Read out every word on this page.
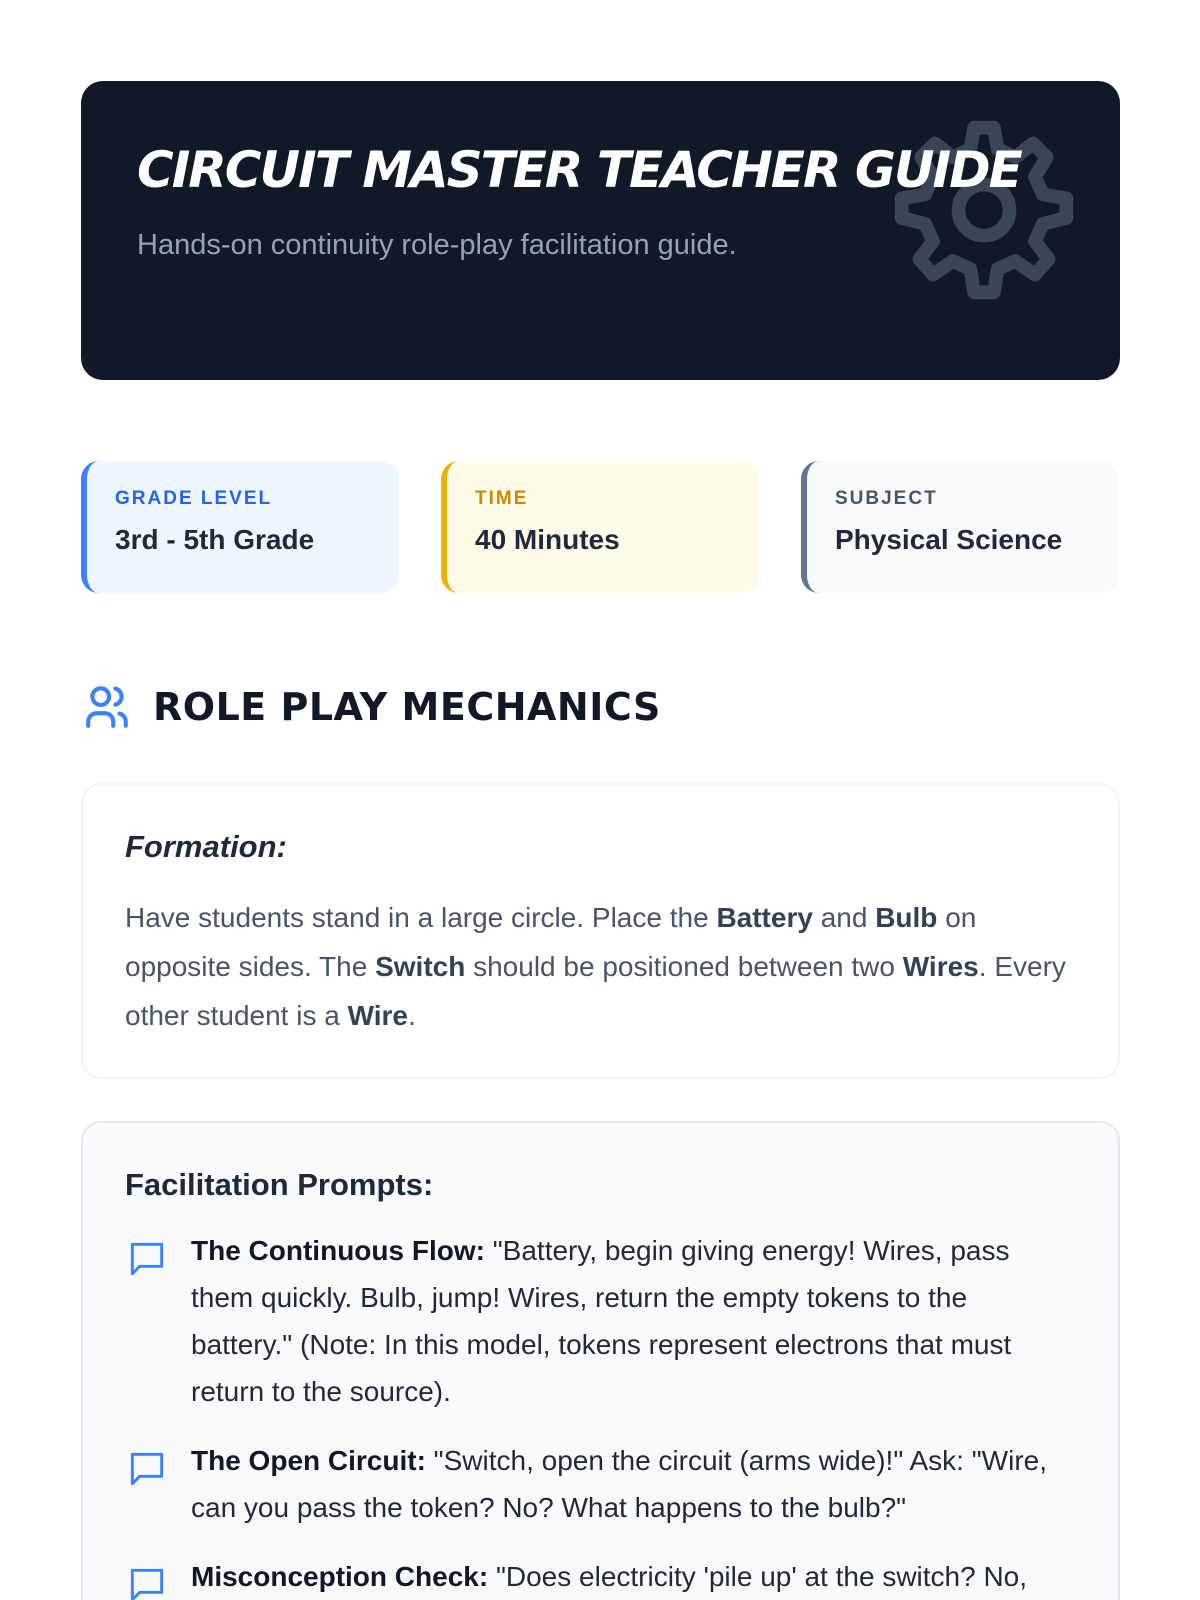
CIRCUIT MASTER TEACHER GUIDE

Hands-on continuity role-play facilitation guide.

GRADE LEVEL
3rd - 5th Grade
TIME
40 Minutes
SUBJECT
Physical Science
ROLE PLAY MECHANICS
Formation:

Have students stand in a large circle. Place the Battery and Bulb on opposite sides. The Switch should be positioned between two Wires. Every other student is a Wire.

Facilitation Prompts:

The Continuous Flow: "Battery, begin giving energy! Wires, pass them quickly. Bulb, jump! Wires, return the empty tokens to the battery." (Note: In this model, tokens represent electrons that must return to the source).

The Open Circuit: "Switch, open the circuit (arms wide)!" Ask: "Wire, can you pass the token? No? What happens to the bulb?"

Misconception Check: "Does electricity 'pile up' at the switch? No,
